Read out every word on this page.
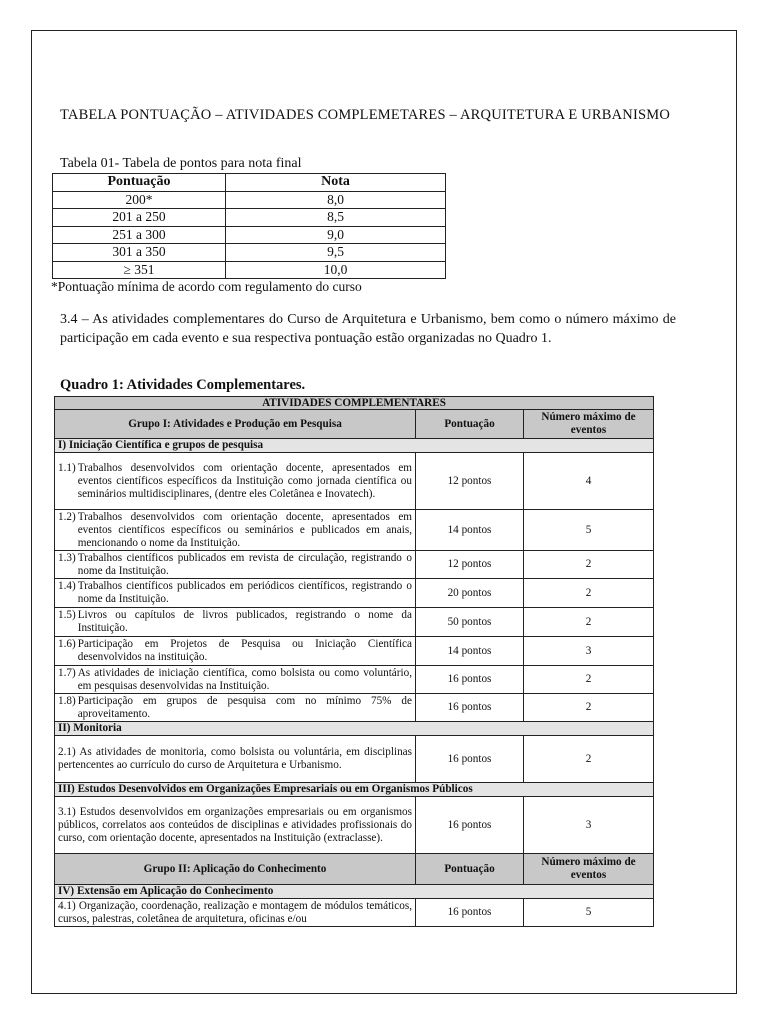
TABELA PONTUAÇÃO – ATIVIDADES COMPLEMETARES – ARQUITETURA E URBANISMO
Tabela 01- Tabela de pontos para nota final
Pontuação	Nota
200*	8,0
201 a 250	8,5
251 a 300	9,0
301 a 350	9,5
≥ 351	10,0
*Pontuação mínima de acordo com regulamento do curso
3.4 – As atividades complementares do Curso de Arquitetura e Urbanismo, bem como o número máximo de participação em cada evento e sua respectiva pontuação estão organizadas no Quadro 1.
Quadro 1: Atividades Complementares.
ATIVIDADES COMPLEMENTARES		
Grupo I: Atividades e Produção em Pesquisa	Pontuação	Número máximo de eventos
I) Iniciação Científica e grupos de pesquisa		

1.1) Trabalhos desenvolvidos com orientação docente, apresentados em eventos científicos específicos da Instituição como jornada científica ou seminários multidisciplinares, (dentre eles Coletânea e Inovatech).	12 pontos	4

1.2) Trabalhos desenvolvidos com orientação docente, apresentados em eventos científicos específicos ou seminários e publicados em anais, mencionando o nome da Instituição.	14 pontos	5

1.3) Trabalhos científicos publicados em revista de circulação, registrando o nome da Instituição.	12 pontos	2

1.4) Trabalhos científicos publicados em periódicos científicos, registrando o nome da Instituição.	20 pontos	2

1.5) Livros ou capítulos de livros publicados, registrando o nome da Instituição.	50 pontos	2

1.6) Participação em Projetos de Pesquisa ou Iniciação Científica desenvolvidos na instituição.	14 pontos	3

1.7) As atividades de iniciação científica, como bolsista ou como voluntário, em pesquisas desenvolvidas na Instituição.	16 pontos	2

1.8) Participação em grupos de pesquisa com no mínimo 75% de aproveitamento.	16 pontos	2
II) Monitoria		
2.1) As atividades de monitoria, como bolsista ou voluntária, em disciplinas pertencentes ao currículo do curso de Arquitetura e Urbanismo.	16 pontos	2
III) Estudos Desenvolvidos em Organizações Empresariais ou em Organismos Públicos		
3.1) Estudos desenvolvidos em organizações empresariais ou em organismos públicos, correlatos aos conteúdos de disciplinas e atividades profissionais do curso, com orientação docente, apresentados na Instituição (extraclasse).	16 pontos	3
Grupo II: Aplicação do Conhecimento	Pontuação	Número máximo de eventos
IV) Extensão em Aplicação do Conhecimento		
4.1) Organização, coordenação, realização e montagem de módulos temáticos, cursos, palestras, coletânea de arquitetura, oficinas e/ou	16 pontos	5
